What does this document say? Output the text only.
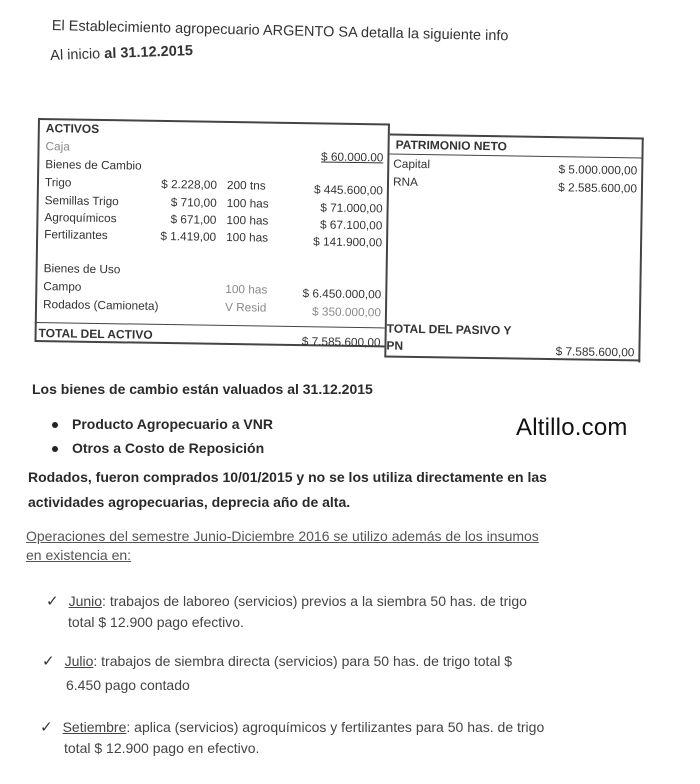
El Establecimiento agropecuario ARGENTO SA detalla la siguiente info
Al inicio al 31.12.2015
ACTIVOS
PATRIMONIO NETO
Caja
Bienes de Cambio
$ 60.000.00
Trigo	$ 2.228,00 200 tns	$ 445.600,00
Semillas Trigo	$ 710,00 100 has	$ 71.000,00
Agroquímicos	$ 671,00 100 has	$ 67.100,00
Fertilizantes	$ 1.419,00 100 has	$ 141.900,00
Bienes de Uso
Campo	100 has	$ 6.450.000,00
Rodados (Camioneta)	V Resid	$ 350.000,00
TOTAL DEL ACTIVO	$ 7.585.600,00
Capital	$ 5.000.000,00
RNA	$ 2.585.600,00
TOTAL DEL PASIVO Y
PN	$ 7.585.600,00
Los bienes de cambio están valuados al 31.12.2015
Producto Agropecuario a VNR
Otros a Costo de Reposición
Altillo.com
Rodados, fueron comprados 10/01/2015 y no se los utiliza directamente en las
actividades agropecuarias, deprecia año de alta.
Operaciones del semestre Junio-Diciembre 2016 se utilizo además de los insumos
en existencia en:
✓ Junio: trabajos de laboreo (servicios) previos a la siembra 50 has. de trigo
total $ 12.900 pago efectivo.
✓ Julio: trabajos de siembra directa (servicios) para 50 has. de trigo total $
6.450 pago contado
✓ Setiembre: aplica (servicios) agroquímicos y fertilizantes para 50 has. de trigo
total $ 12.900 pago en efectivo.
